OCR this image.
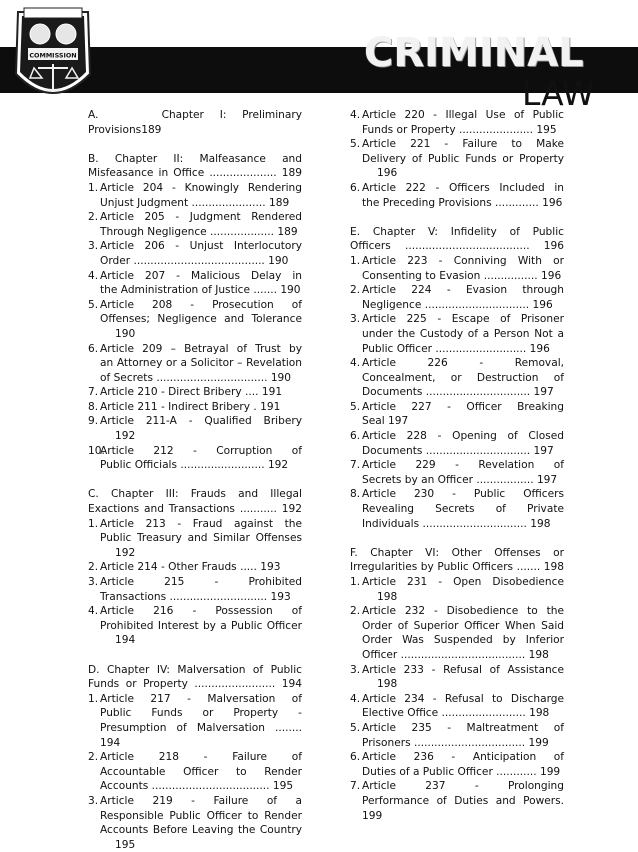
COMMISSION	CRIMINAL
LAW
A.	Chapter I: Preliminary Provisions189
B. Chapter II: Malfeasance and
Misfeasance in Office .................... 189
1. Article 204 - Knowingly Rendering
Unjust Judgment ...................... 189
2. Article 205 - Judgment Rendered
Through Negligence ................... 189
3. Article 206 - Unjust Interlocutory
Order ....................................... 190
4. Article 207 - Malicious Delay in
the Administration of Justice ....... 190
5. Article 208 - Prosecution of
Offenses; Negligence and Tolerance
190
6. Article 209 – Betrayal of Trust by
an Attorney or a Solicitor – Revelation
of Secrets ................................. 190
7. Article 210 - Direct Bribery .... 191
8. Article 211 - Indirect Bribery . 191
9. Article 211-A - Qualified Bribery
192
10.
Article 212 - Corruption of
Public Officials ......................... 192
C. Chapter III: Frauds and Illegal
Exactions and Transactions ........... 192
1. Article 213 - Fraud against the
Public Treasury and Similar Offenses
192
2. Article 214 - Other Frauds ..... 193
3. Article 215 - Prohibited
Transactions ............................. 193
4. Article 216 - Possession of
Prohibited Interest by a Public Officer
194
D. Chapter IV: Malversation of Public
Funds or Property ........................ 194
1. Article 217 - Malversation of
Public Funds or Property -
Presumption of Malversation ........ 194
2. Article 218 - Failure of
Accountable Officer to Render
Accounts ................................... 195
3. Article 219 - Failure of a
Responsible Public Officer to Render
Accounts Before Leaving the Country
195
4. Article 220 - Illegal Use of Public
Funds or Property ...................... 195
5. Article 221 - Failure to Make
Delivery of Public Funds or Property
196
6. Article 222 - Officers Included in
the Preceding Provisions ............. 196
E. Chapter V: Infidelity of Public
Officers ..................................... 196
1. Article 223 - Conniving With or
Consenting to Evasion ................ 196
2. Article 224 - Evasion through
Negligence ............................... 196
3. Article 225 - Escape of Prisoner
under the Custody of a Person Not a
Public Officer ........................... 196
4. Article 226 - Removal,
Concealment, or Destruction of
Documents ............................... 197
5. Article 227 - Officer Breaking
Seal 197
6. Article 228 - Opening of Closed
Documents ............................... 197
7. Article 229 - Revelation of
Secrets by an Officer ................. 197
8. Article 230 - Public Officers
Revealing Secrets of Private
Individuals ............................... 198
F. Chapter VI: Other Offenses or
Irregularities by Public Officers ....... 198
1. Article 231 - Open Disobedience
198
2. Article 232 - Disobedience to the
Order of Superior Officer When Said
Order Was Suspended by Inferior
Officer ..................................... 198
3. Article 233 - Refusal of Assistance
198
4. Article 234 - Refusal to Discharge
Elective Office ......................... 198
5. Article 235 - Maltreatment of
Prisoners ................................. 199
6. Article 236 - Anticipation of
Duties of a Public Officer ............ 199
7. Article 237 - Prolonging
Performance of Duties and Powers. 199
